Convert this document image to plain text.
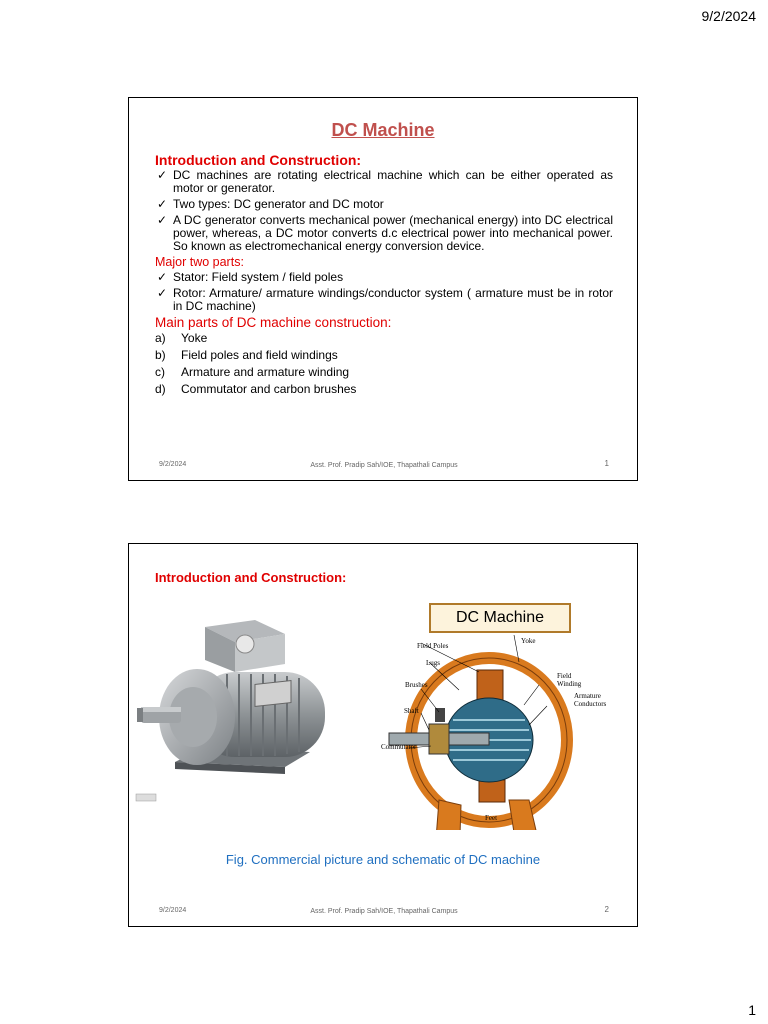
9/2/2024
DC Machine

Introduction and Construction:

✓ DC machines are rotating electrical machine which can be either operated as motor or generator.
✓ Two types: DC generator and DC motor
✓ A DC generator converts mechanical power (mechanical energy) into DC electrical power, whereas, a DC motor converts d.c electrical power into mechanical power. So known as electromechanical energy conversion device.

Major two parts:

✓ Stator: Field system / field poles
✓ Rotor: Armature/ armature windings/conductor system ( armature must be in rotor in DC machine)

Main parts of DC machine construction:

a)	Yoke
b)	Field poles and field windings
c)	Armature and armature winding
d)	Commutator and carbon brushes
9/2/2024	Asst. Prof. Pradip Sah/IOE, Thapathali Campus	1
Introduction and Construction:
DC Machine
Field Poles
Lugs
Brushes
Shaft
Commutator
Yoke
Field Winding
Armature Conductors
Feet
Fig. Commercial picture and schematic of DC machine
9/2/2024	Asst. Prof. Pradip Sah/IOE, Thapathali Campus	2
1
